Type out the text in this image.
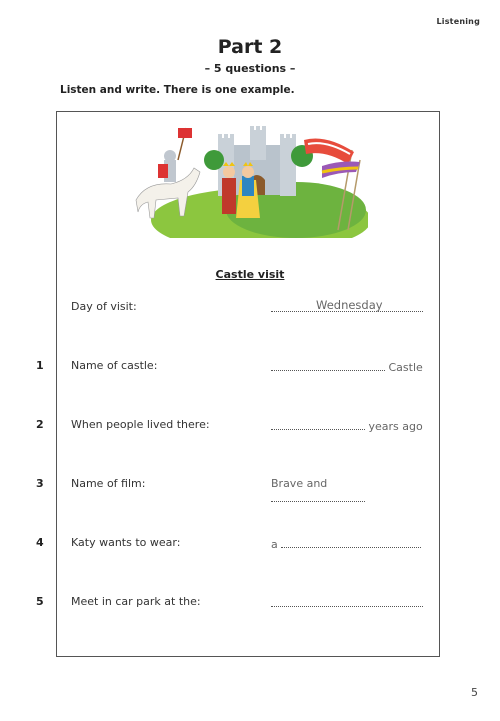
Listening
Part 2
– 5 questions –
Listen and write. There is one example.
Castle visit
Day of visit:	Wednesday
1 Name of castle:	Castle
2 When people lived there:	years ago
3 Name of film:	Brave and
4 Katy wants to wear:	a
5 Meet in car park at the:
5
